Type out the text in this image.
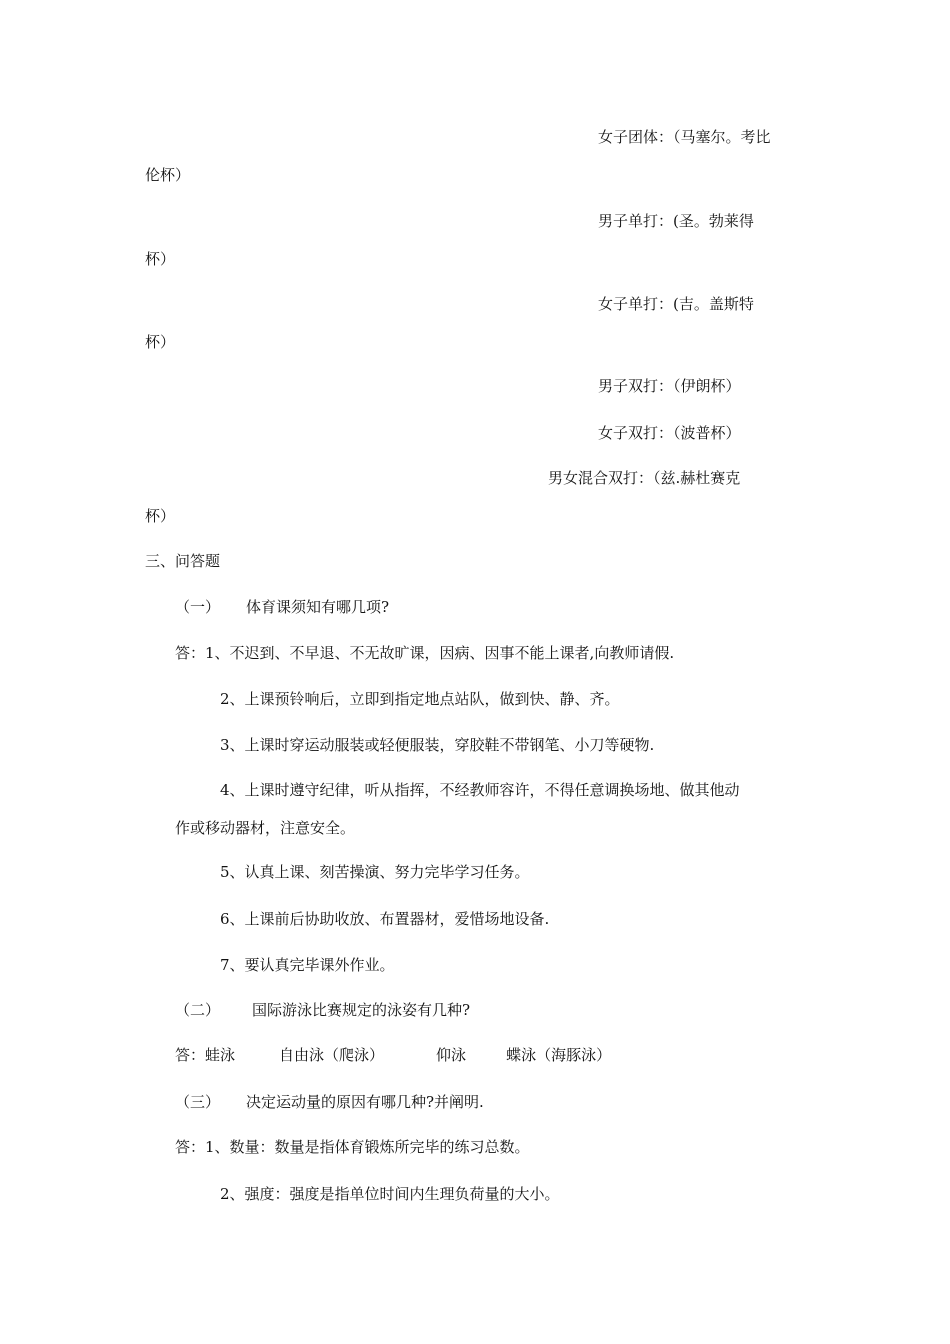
女子团体：（马塞尔。考比
伦杯）
男子单打：(圣。勃莱得
杯）
女子单打：(吉。盖斯特
杯）
男子双打：（伊朗杯）
女子双打：（波普杯）
男女混合双打：（兹.赫杜赛克
杯）
三、问答题
（一） 体育课须知有哪几项?
答：1、不迟到、不早退、不无故旷课，因病、因事不能上课者,向教师请假.
2、上课预铃响后，立即到指定地点站队，做到快、静、齐。
3、上课时穿运动服装或轻便服装，穿胶鞋不带钢笔、小刀等硬物.
4、上课时遵守纪律，听从指挥，不经教师容许，不得任意调换场地、做其他动
作或移动器材，注意安全。
5、认真上课、刻苦操演、努力完毕学习任务。
6、上课前后协助收放、布置器材，爱惜场地设备.
7、要认真完毕课外作业。
（二） 国际游泳比赛规定的泳姿有几种?
答：蛙泳	自由泳（爬泳）	仰泳	蝶泳（海豚泳）
（三） 决定运动量的原因有哪几种?并阐明.
答：1、数量：数量是指体育锻炼所完毕的练习总数。
2、强度：强度是指单位时间内生理负荷量的大小。
